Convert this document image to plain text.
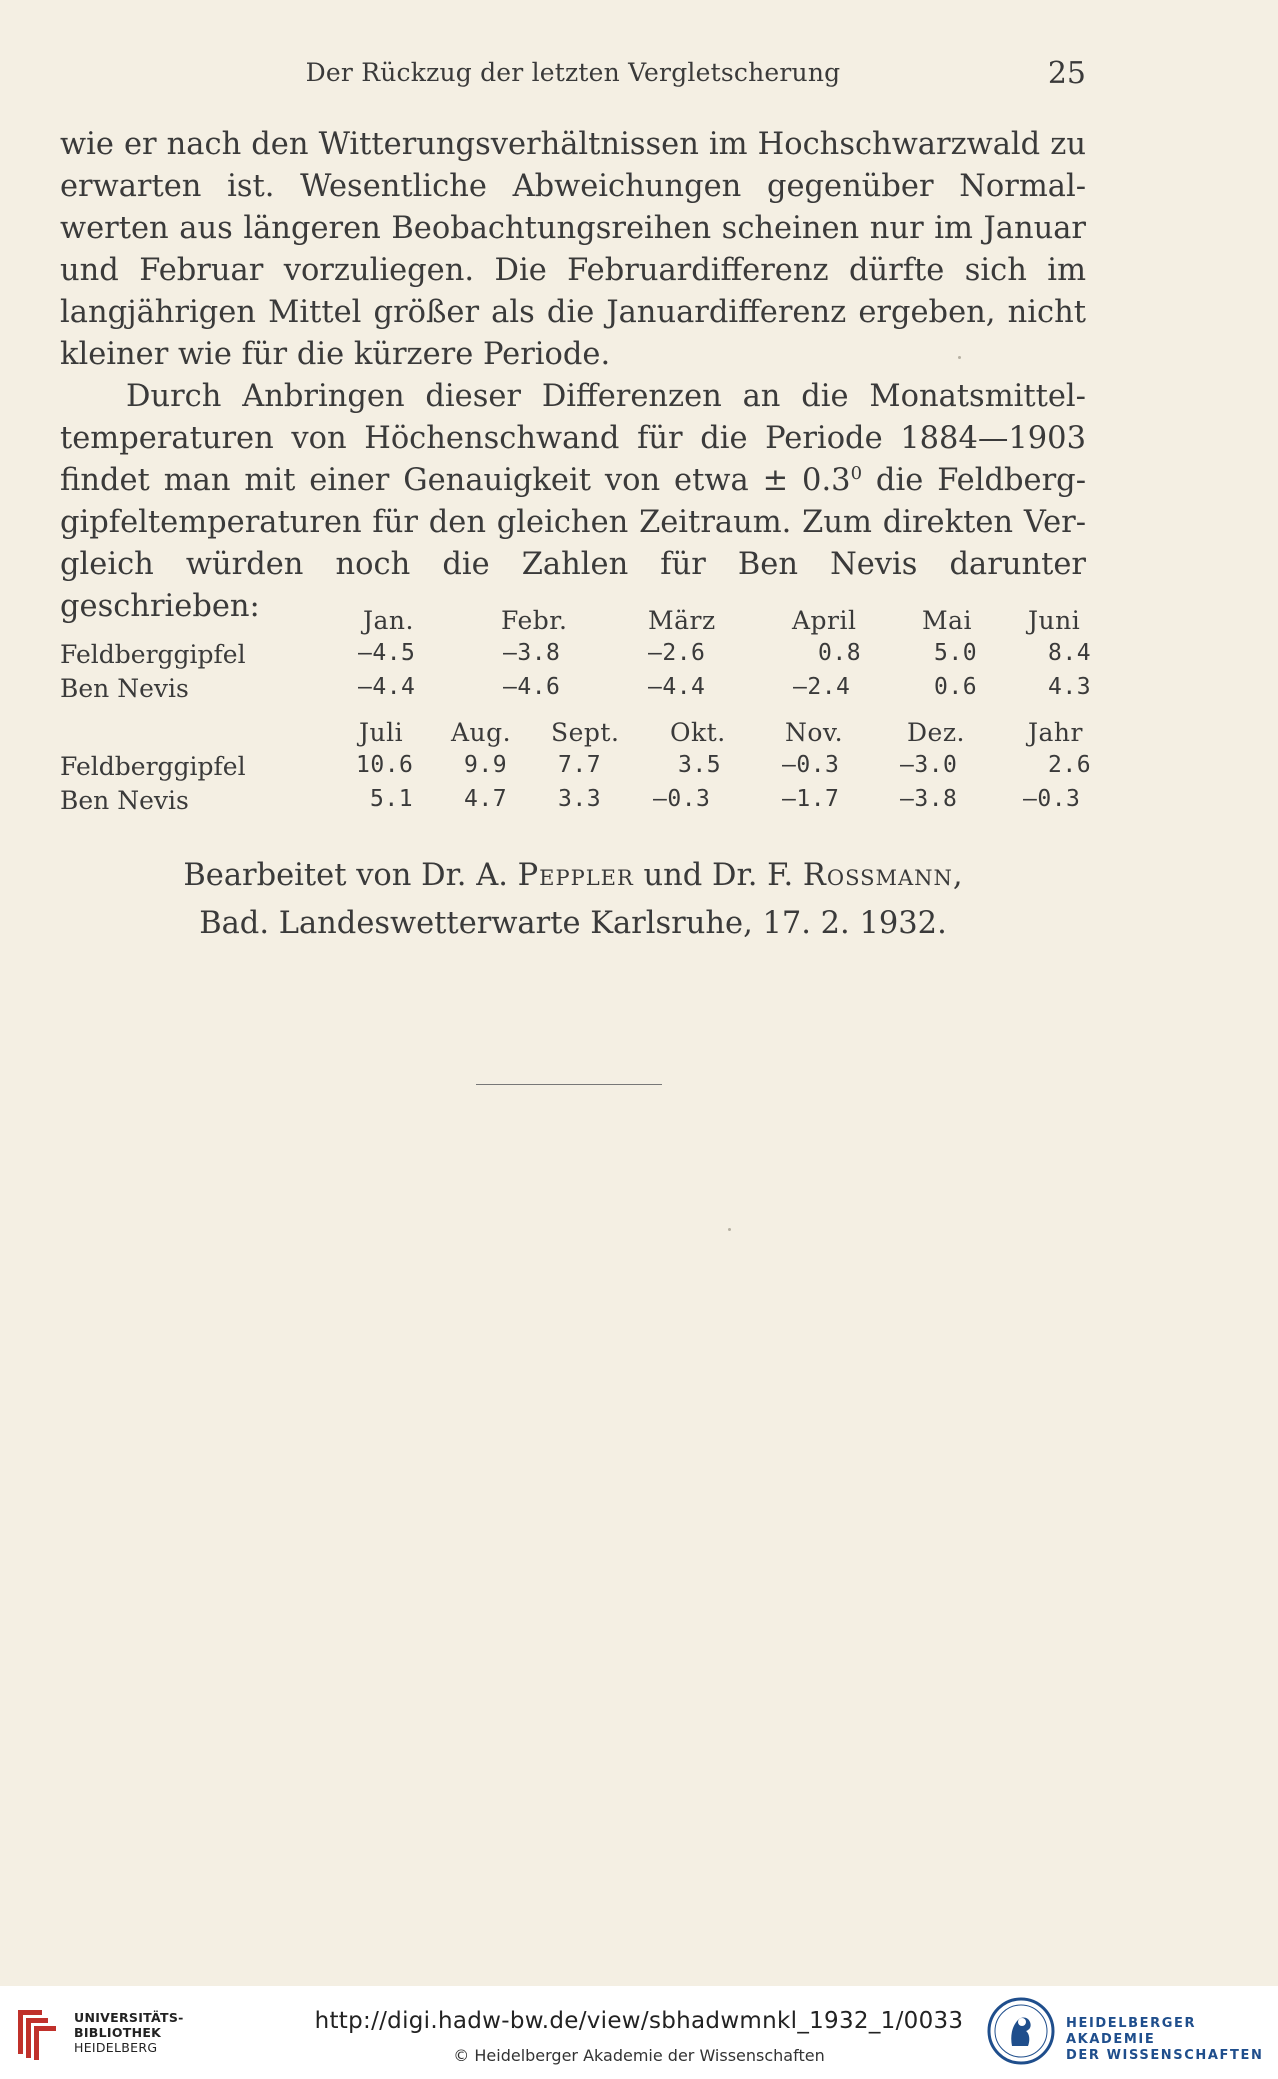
Der Rückzug der letzten Vergletscherung	25

wie er nach den Witterungsverhältnissen im Hochschwarzwald zu erwarten ist. Wesentliche Abweichungen gegenüber Normal- werten aus längeren Beobachtungsreihen scheinen nur im Januar und Februar vorzuliegen. Die Februardifferenz dürfte sich im langjährigen Mittel größer als die Januardifferenz ergeben, nicht kleiner wie für die kürzere Periode.

Durch Anbringen dieser Differenzen an die Monatsmittel- temperaturen von Höchenschwand für die Periode 1884—1903 findet man mit einer Genauigkeit von etwa ± $0.3^0$ die Feldberg- gipfeltemperaturen für den gleichen Zeitraum. Zum direkten Ver- gleich würden noch die Zahlen für Ben Nevis darunter geschrieben:	Jan.	Febr.	März	April	Mai Juni
Feldberggipfel	—4.5	—3.8	—2.6	0.8	5.0	8.4
Ben Nevis	—4.4	—4.6	—4.4	—2.4	0.6	4.3
Juli Aug. Sept. Okt. Nov.	Dez.	Jahr
Feldberggipfel	10.6 9.9 7.7	3.5	—0.3	—3.0	2.6
Ben Nevis	5.1 4.7 3.3 —0.3	—1.7	—3.8	—0.3
Bearbeitet von Dr. A. Peppler und Dr. F. Rossmann,
Bad. Landeswetterwarte Karlsruhe, 17. 2. 1932.
UNIVERSITÄTS-
BIBLIOTHEK
HEIDELBERG
http://digi.hadw-bw.de/view/sbhadwmnkl_1932_1/0033
© Heidelberger Akademie der Wissenschaften
HEIDELBERGER AKADEMIE
DER WISSENSCHAFTEN
